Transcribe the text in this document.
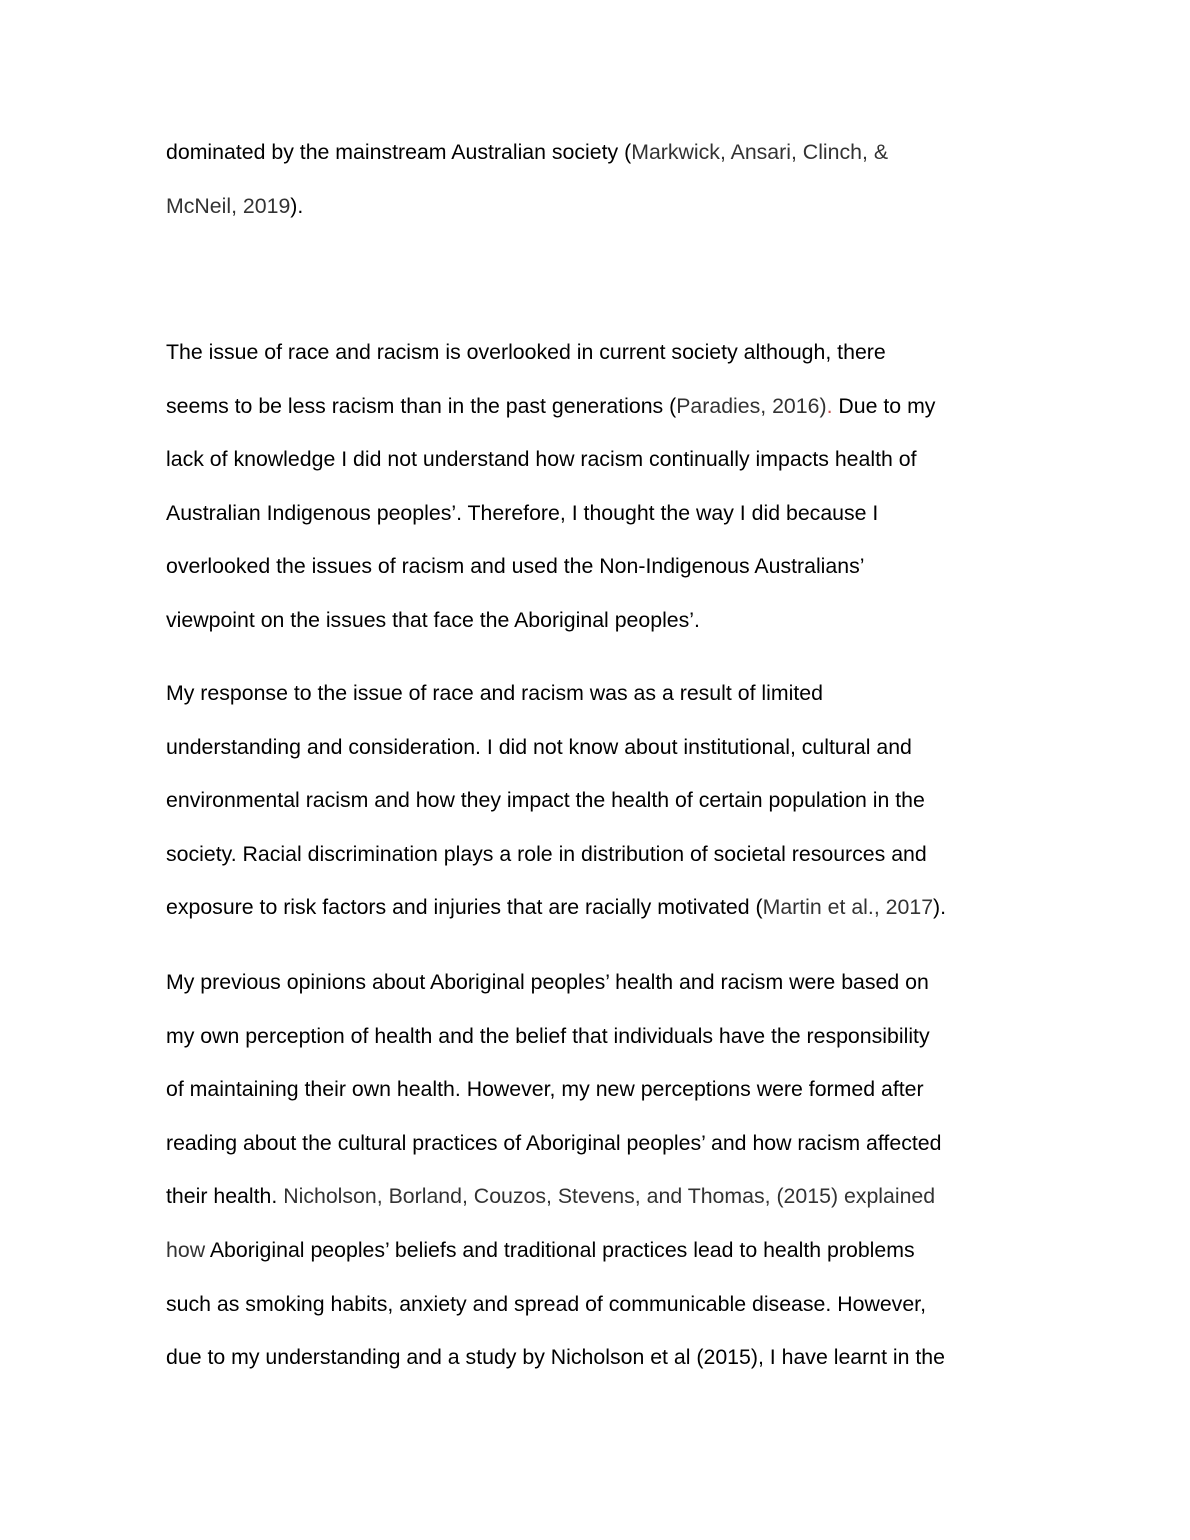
dominated by the mainstream Australian society (Markwick, Ansari, Clinch, &
McNeil, 2019).
The issue of race and racism is overlooked in current society although, there
seems to be less racism than in the past generations (Paradies, 2016). Due to my
lack of knowledge I did not understand how racism continually impacts health of
Australian Indigenous peoples’. Therefore, I thought the way I did because I
overlooked the issues of racism and used the Non-Indigenous Australians’
viewpoint on the issues that face the Aboriginal peoples’.
My response to the issue of race and racism was as a result of limited
understanding and consideration. I did not know about institutional, cultural and
environmental racism and how they impact the health of certain population in the
society. Racial discrimination plays a role in distribution of societal resources and
exposure to risk factors and injuries that are racially motivated (Martin et al., 2017).
My previous opinions about Aboriginal peoples’ health and racism were based on
my own perception of health and the belief that individuals have the responsibility
of maintaining their own health. However, my new perceptions were formed after
reading about the cultural practices of Aboriginal peoples’ and how racism affected
their health. Nicholson, Borland, Couzos, Stevens, and Thomas, (2015) explained
how Aboriginal peoples’ beliefs and traditional practices lead to health problems
such as smoking habits, anxiety and spread of communicable disease. However,
due to my understanding and a study by Nicholson et al (2015), I have learnt in the
